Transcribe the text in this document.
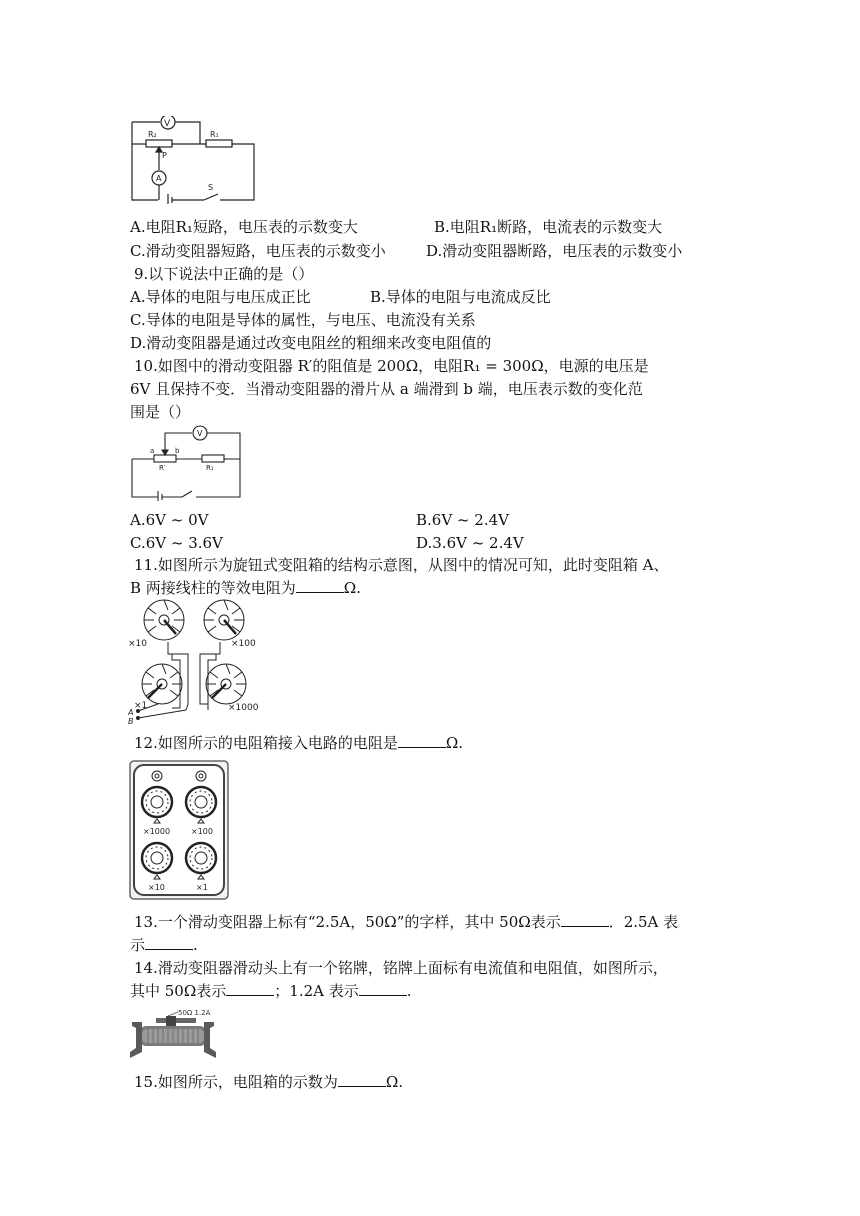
V
R₂	R₁
P
A
S
A.电阻R₁短路，电压表的示数变大	B.电阻R₁断路，电流表的示数变大
C.滑动变阻器短路，电压表的示数变小	D.滑动变阻器断路，电压表的示数变小
9.以下说法中正确的是（）
A.导体的电阻与电压成正比	B.导体的电阻与电流成反比
C.导体的电阻是导体的属性，与电压、电流没有关系
D.滑动变阻器是通过改变电阻丝的粗细来改变电阻值的
10.如图中的滑动变阻器 R′的阻值是 200Ω，电阻R₁ = 300Ω，电源的电压是
6V 且保持不变．当滑动变阻器的滑片从 a 端滑到 b 端，电压表示数的变化范
围是（）
a	b
R′	R₁
V
A.6V ~ 0V	B.6V ~ 2.4V
C.6V ~ 3.6V	D.3.6V ~ 2.4V
11.如图所示为旋钮式变阻箱的结构示意图，从图中的情况可知，此时变阻箱 A、
B 两接线柱的等效电阻为	Ω.
×10	×100
×1	×1000
A
B
12.如图所示的电阻箱接入电路的电阻是	Ω.
×1000	×100
×10	×1
13.一个滑动变阻器上标有“2.5A，50Ω”的字样，其中 50Ω表示	．2.5A 表
示	.
14.滑动变阻器滑动头上有一个铭牌，铭牌上面标有电流值和电阻值，如图所示，
其中 50Ω表示	；1.2A 表示	.
50Ω 1.2A
15.如图所示，电阻箱的示数为	Ω.
